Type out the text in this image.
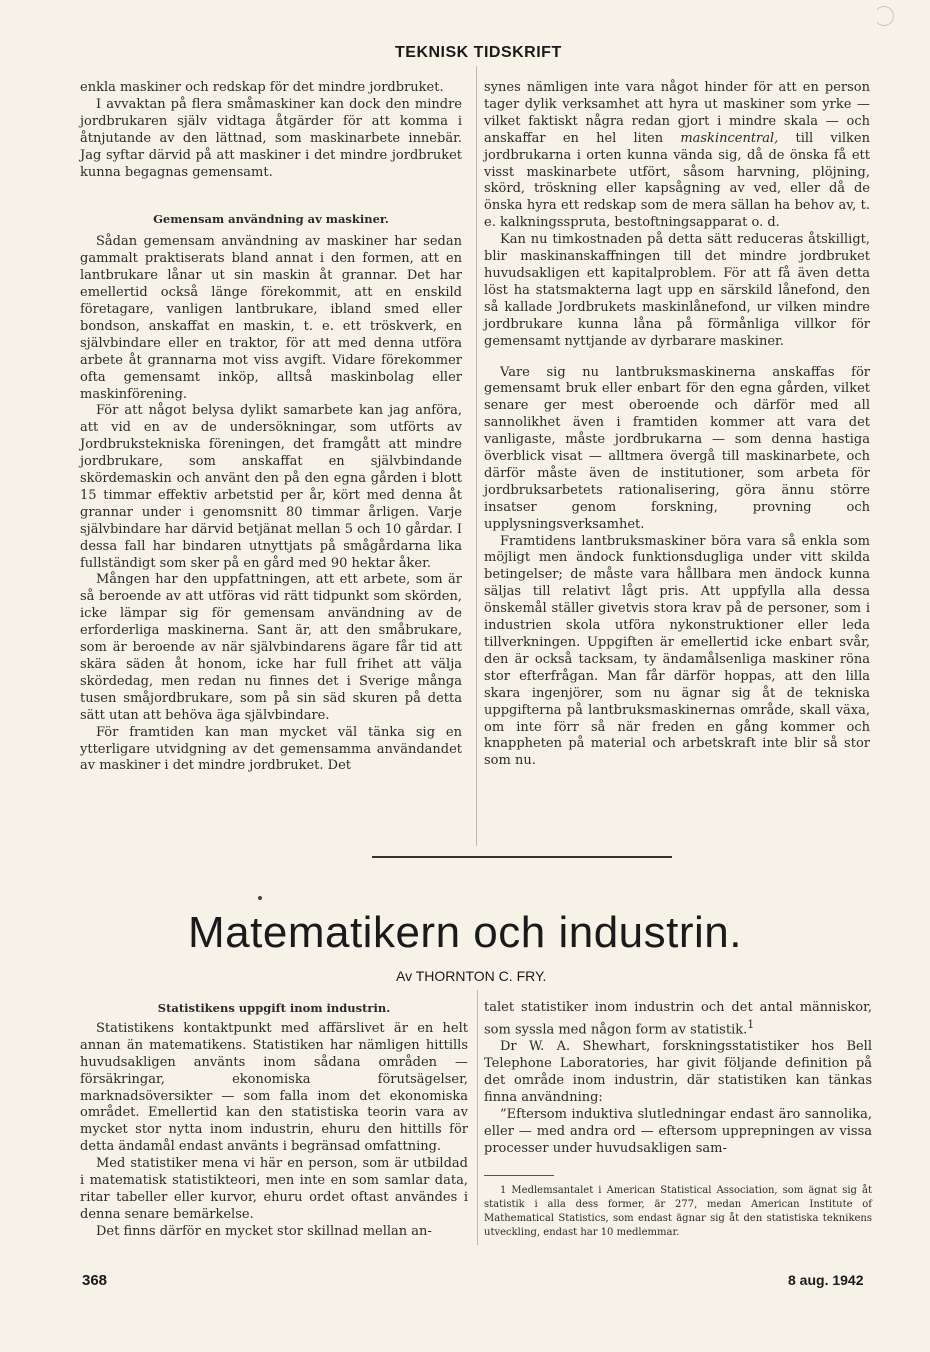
TEKNISK TIDSKRIFT

enkla maskiner och redskap för det mindre jordbruket.

I avvaktan på flera småmaskiner kan dock den mindre jordbrukaren själv vidtaga åtgärder för att komma i åtnjutande av den lättnad, som maskinarbete innebär. Jag syftar därvid på att maskiner i det mindre jordbruket kunna begagnas gemensamt.

Gemensam användning av maskiner.

Sådan gemensam användning av maskiner har sedan gammalt praktiserats bland annat i den formen, att en lantbrukare lånar ut sin maskin åt grannar. Det har emellertid också länge förekommit, att en enskild företagare, vanligen lantbrukare, ibland smed eller bondson, anskaffat en maskin, t. e. ett tröskverk, en självbindare eller en traktor, för att med denna utföra arbete åt grannarna mot viss avgift. Vidare förekommer ofta gemensamt inköp, alltså maskinbolag eller maskinförening.

För att något belysa dylikt samarbete kan jag anföra, att vid en av de undersökningar, som utförts av Jordbrukstekniska föreningen, det framgått att mindre jordbrukare, som anskaffat en självbindande skördemaskin och använt den på den egna gården i blott 15 timmar effektiv arbetstid per år, kört med denna åt grannar under i genomsnitt 80 timmar årligen. Varje självbindare har därvid betjänat mellan 5 och 10 gårdar. I dessa fall har bindaren utnyttjats på smågårdarna lika fullständigt som sker på en gård med 90 hektar åker.

Mången har den uppfattningen, att ett arbete, som är så beroende av att utföras vid rätt tidpunkt som skörden, icke lämpar sig för gemensam användning av de erforderliga maskinerna. Sant är, att den småbrukare, som är beroende av när självbindarens ägare får tid att skära säden åt honom, icke har full frihet att välja skördedag, men redan nu finnes det i Sverige många tusen småjordbrukare, som på sin säd skuren på detta sätt utan att behöva äga självbindare.

För framtiden kan man mycket väl tänka sig en ytterligare utvidgning av det gemensamma användandet av maskiner i det mindre jordbruket. Det

synes nämligen inte vara något hinder för att en person tager dylik verksamhet att hyra ut maskiner som yrke — vilket faktiskt några redan gjort i mindre skala — och anskaffar en hel liten maskincentral, till vilken jordbrukarna i orten kunna vända sig, då de önska få ett visst maskinarbete utfört, såsom harvning, plöjning, skörd, tröskning eller kapsågning av ved, eller då de önska hyra ett redskap som de mera sällan ha behov av, t. e. kalkningsspruta, bestoftningsapparat o. d.

Kan nu timkostnaden på detta sätt reduceras åtskilligt, blir maskinanskaffningen till det mindre jordbruket huvudsakligen ett kapitalproblem. För att få även detta löst ha statsmakterna lagt upp en särskild lånefond, den så kallade Jordbrukets maskinlånefond, ur vilken mindre jordbrukare kunna låna på förmånliga villkor för gemensamt nyttjande av dyrbarare maskiner.

Vare sig nu lantbruksmaskinerna anskaffas för gemensamt bruk eller enbart för den egna gården, vilket senare ger mest oberoende och därför med all sannolikhet även i framtiden kommer att vara det vanligaste, måste jordbrukarna — som denna hastiga överblick visat — alltmera övergå till maskinarbete, och därför måste även de institutioner, som arbeta för jordbruksarbetets rationalisering, göra ännu större insatser genom forskning, provning och upplysningsverksamhet.

Framtidens lantbruksmaskiner böra vara så enkla som möjligt men ändock funktionsdugliga under vitt skilda betingelser; de måste vara hållbara men ändock kunna säljas till relativt lågt pris. Att uppfylla alla dessa önskemål ställer givetvis stora krav på de personer, som i industrien skola utföra nykonstruktioner eller leda tillverkningen. Uppgiften är emellertid icke enbart svår, den är också tacksam, ty ändamålsenliga maskiner röna stor efterfrågan. Man får därför hoppas, att den lilla skara ingenjörer, som nu ägnar sig åt de tekniska uppgifterna på lantbruksmaskinernas område, skall växa, om inte förr så när freden en gång kommer och knappheten på material och arbetskraft inte blir så stor som nu.

Matematikern och industrin.
Av THORNTON C. FRY.

Statistikens uppgift inom industrin.

Statistikens kontaktpunkt med affärslivet är en helt annan än matematikens. Statistiken har nämligen hittills huvudsakligen använts inom sådana områden — försäkringar, ekonomiska förutsägelser, marknadsöversikter — som falla inom det ekonomiska området. Emellertid kan den statistiska teorin vara av mycket stor nytta inom industrin, ehuru den hittills för detta ändamål endast använts i begränsad omfattning.

Med statistiker mena vi här en person, som är utbildad i matematisk statistikteori, men inte en som samlar data, ritar tabeller eller kurvor, ehuru ordet oftast användes i denna senare bemärkelse.

Det finns därför en mycket stor skillnad mellan an-

talet statistiker inom industrin och det antal människor, som syssla med någon form av statistik.$^1$

Dr W. A. Shewhart, forskningsstatistiker hos Bell Telephone Laboratories, har givit följande definition på det område inom industrin, där statistiken kan tänkas finna användning:

”Eftersom induktiva slutledningar endast äro sannolika, eller — med andra ord — eftersom upprepningen av vissa processer under huvudsakligen sam-

1 Medlemsantalet i American Statistical Association, som ägnat sig åt statistik i alla dess former, är 277, medan American Institute of Mathematical Statistics, som endast ägnar sig åt den statistiska teknikens utveckling, endast har 10 medlemmar.

368	8 aug. 1942
